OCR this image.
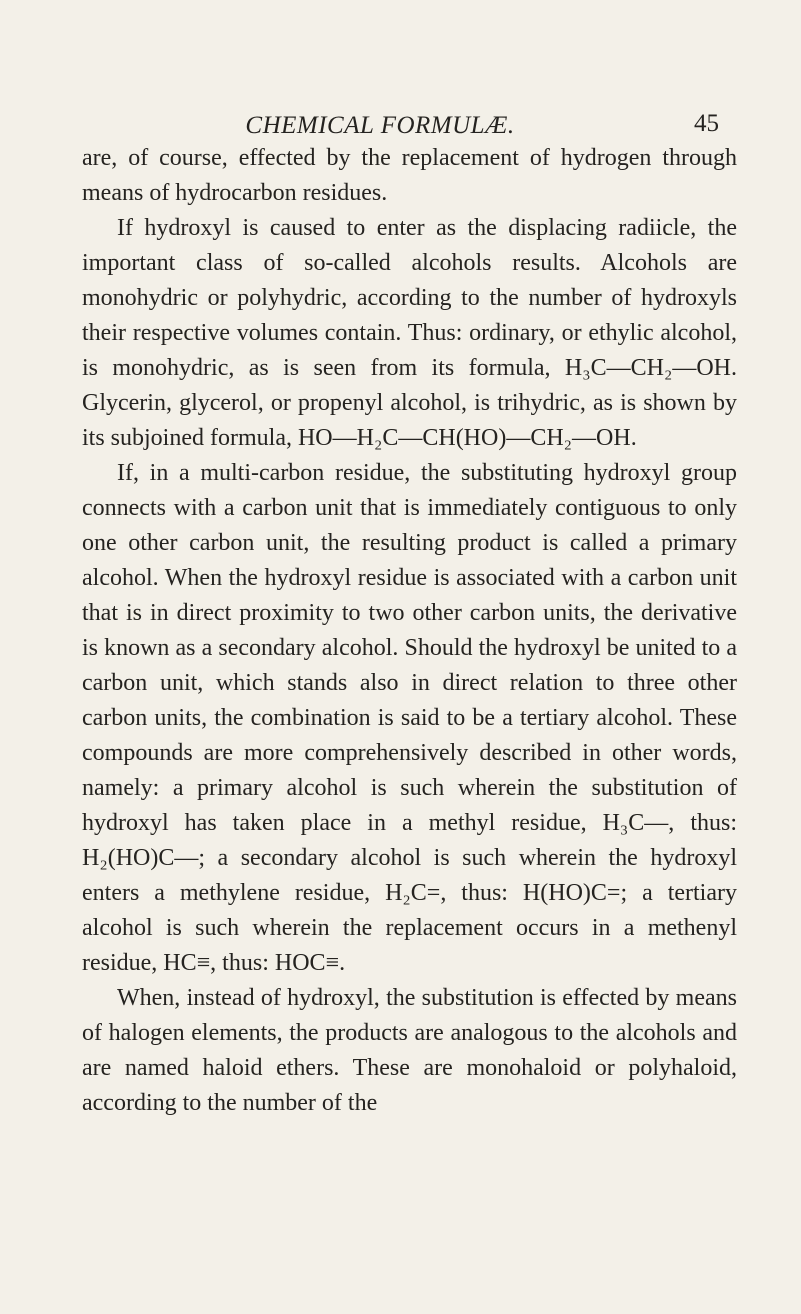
CHEMICAL FORMULÆ.	45

are, of course, effected by the replacement of hydrogen through means of hydrocarbon residues.

If hydroxyl is caused to enter as the displacing radiicle, the important class of so-called alcohols results. Alcohols are monohydric or polyhydric, according to the number of hydroxyls their respective volumes contain. Thus: ordinary, or ethylic alcohol, is monohydric, as is seen from its formula, H₃C—CH₂—OH. Glycerin, glycerol, or propenyl alcohol, is trihydric, as is shown by its subjoined formula, HO—H₂C—CH(HO)—CH₂—OH.

If, in a multi-carbon residue, the substituting hydroxyl group connects with a carbon unit that is immediately contiguous to only one other carbon unit, the resulting product is called a primary alcohol. When the hydroxyl residue is associated with a carbon unit that is in direct proximity to two other carbon units, the derivative is known as a secondary alcohol. Should the hydroxyl be united to a carbon unit, which stands also in direct relation to three other carbon units, the combination is said to be a tertiary alcohol. These compounds are more comprehensively described in other words, namely: a primary alcohol is such wherein the substitution of hydroxyl has taken place in a methyl residue, H₃C—, thus: H₂(HO)C—; a secondary alcohol is such wherein the hydroxyl enters a methylene residue, H₂C=, thus: H(HO)C=; a tertiary alcohol is such wherein the replacement occurs in a methenyl residue, HC≡, thus: HOC≡.

When, instead of hydroxyl, the substitution is effected by means of halogen elements, the products are analogous to the alcohols and are named haloid ethers. These are monohaloid or polyhaloid, according to the number of the
